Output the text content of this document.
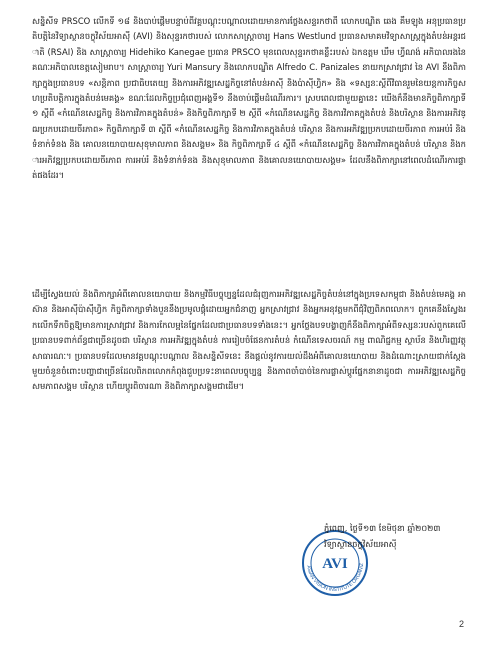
សន្និសីទ PRSCO លើកទី ១៨ និងបាប់ផ្តើមបន្ទាប់ពីវគ្គបណ្តុះបណ្តាលដោយមានការថ្លែងសន្ទរកថាពី លោកបណ្ឌិត ឆេង គឹមឡុង អនុប្រធានប្រតិបត្តិនៃវិទ្យាស្ថានចក្ខុវិស័យអាស៊ី (AVI) និងសុន្ទរកថារបស់ លោកសាស្ត្រាចារ្យ Hans Westlund ប្រធានសមាគមវិទ្យាសាស្ត្រក្នុងតំបន់អន្តរជាតិ (RSAI) និង សាស្ត្រាចារ្យ Hidehiko Kanegae ប្រធាន PRSCO មុនពេលសុន្ទរកថាគន្លឹះរបស់ ឯកឧត្តម ឃឹម ហ្វីណង់ អភិបាលរងនៃគណៈអភិបាលខេត្តសៀមរាប។ សាស្ត្រាចារ្យ Yuri Mansury និងលោកបណ្ឌិត Alfredo C. Panizales នាយកស្រាវជ្រាវ នៃ AVI នឹងពិភាក្សាក្នុងប្រធានបទ «សន្តិភាព ប្រជាធិបតេយ្យ និងការអភិវឌ្ឍសេដ្ឋកិច្ចនៅតំបន់អាស៊ី និងប៉ាស៊ីហ្វិក» និង «ទស្សនៈស្តីពីវិធានរួមនៃយន្តការកិច្ចសហប្រតិបត្តិការក្នុងតំបន់មេគង្គ» ខណៈដែលកិច្ចប្រជុំពេញអង្គទី១ នឹងចាប់ផ្តើមដំណើរការ។ ស្របពេលជាមួយគ្នានេះ យើងក៏នឹងមានកិច្ចពិភាក្សាទី១ ស្តីពី «កំណើនសេដ្ឋកិច្ច និងការវិភាគក្នុងតំបន់» និងកិច្ចពិភាក្សាទី ២ ស្តីពី «កំណើនសេដ្ឋកិច្ច និងការវិភាគក្នុងតំបន់ និងបរិស្ថាន និងការអភិវឌ្ឍប្រកបដោយចីរភាព» កិច្ចពិភាក្សាទី ៣ ស្តីពី «កំណើនសេដ្ឋកិច្ច និងការវិភាគក្នុងតំបន់ បរិស្ថាន និងការអភិវឌ្ឍប្រកបដោយចីរភាព ការអប់រំ និងទំនាក់ទំនង និង គោលនយោបាយសុខុមាលភាព និងសង្គម» និង កិច្ចពិភាក្សាទី ៤ ស្តីពី «កំណើនសេដ្ឋកិច្ច និងការវិភាគក្នុងតំបន់ បរិស្ថាន និងការអភិវឌ្ឍប្រកបដោយចីរភាព ការអប់រំ និងទំនាក់ទំនង និងសុខុមាលភាព និងគោលនយោបាយសង្គម» ដែលនឹងពិភាក្សានៅពេលដំណើរការផ្ទាត់ផងដែរ។
ដើម្បីស្វែងយល់ និងពិភាក្សាអំពីគោលនយោបាយ និងកម្មវិធីបច្ចុប្បន្នដែលជំរុញការអភិវឌ្ឍសេដ្ឋកិច្ចតំបន់នៅក្នុងប្រទេសកម្ពុជា និងតំបន់មេគង្គ អាស៊ាន និងអាស៊ីប៉ាស៊ីហ្វិក កិច្ចពិភាក្សាទាំងបួននឹងប្រមូលផ្តុំដោយអ្នកជំនាញ អ្នកស្រាវជ្រាវ និងអ្នកអនុវត្តមកពីជុំវិញពិភពលោក។ ពួកគេនឹងស្វែងរកលើកទឹកចិត្តឱ្យមានការស្រាវជ្រាវ និងការកែលម្អនៃផ្នែកដែលជាប្រធានបទទាំងនេះ។ អ្នកថ្លែងបទបង្ហាញក៏នឹងពិភាក្សាអំពីទស្សនៈរបស់ពួកគេលើប្រធានបទពាក់ព័ន្ធជាច្រើនដូចជា បរិស្ថាន ការអភិវឌ្ឍក្នុងតំបន់ ការរៀបចំផែនការតំបន់ កំណើនទេសចរណ៍ កម្ម ពាណិជ្ជកម្ម ស្ថាប័ន និងហិរញ្ញវត្ថុសាធារណៈ។ ប្រធានបទដែលមានវគ្គបណ្តុះបណ្តាល និងសន្និសីទនេះ នឹងផ្តល់នូវការយល់ដឹងអំពីគោលនយោបាយ និងដំណោះស្រាយជាក់ស្តែងមួយចំនួនចំពោះបញ្ហាជាច្រើនដែលពិភពលោកកំពុងជួបប្រទះនាពេលបច្ចុប្បន្ន និងភាពចាំបាច់នៃការផ្លាស់ប្តូរផ្នែកនានាដូចជា ការអភិវឌ្ឍសេដ្ឋកិច្ច សមភាពសង្គម បរិស្ថាន ហើយប្តូរពិចារណា និងពិភាក្សាសង្គមជាដើម។
ASIAN VISION INSTITUTE ORGANIZ
AVI
ភ្នំពេញ, ថ្ងៃទី១៣ ខែមិថុនា ឆ្នាំ២០២៣
វិទ្យាស្ថានចក្ខុវិស័យអាស៊ី
2
